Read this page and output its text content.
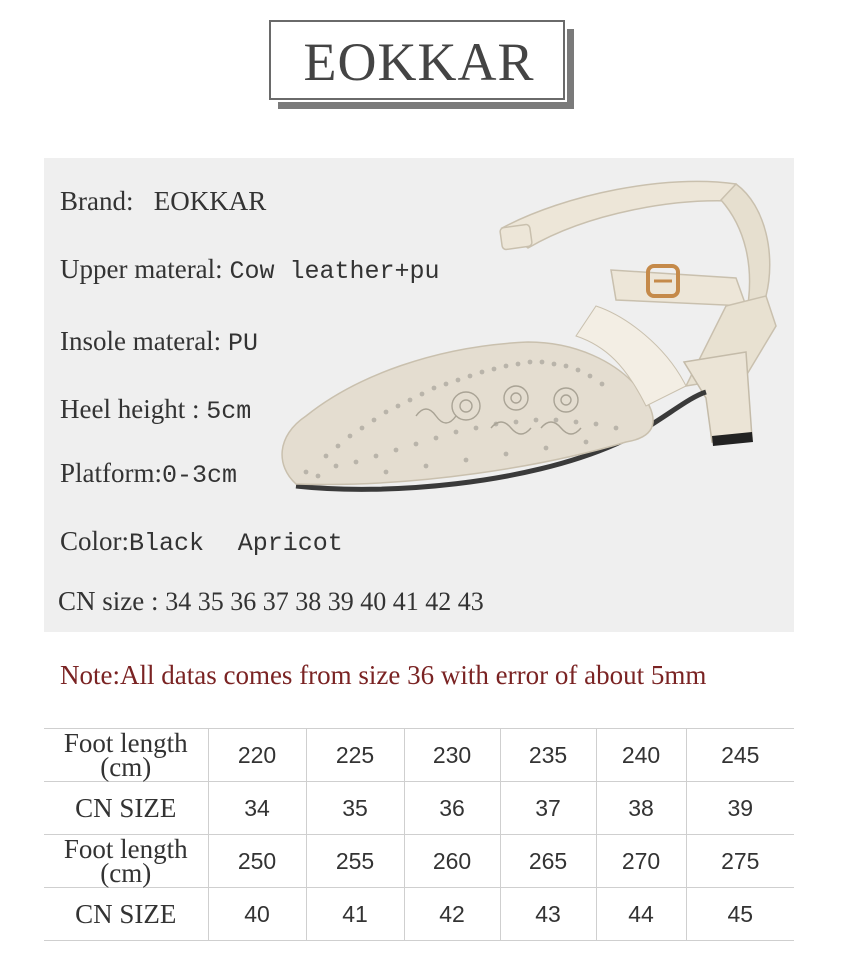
EOKKAR
Brand: EOKKAR
Upper materal: Cow leather+pu
Insole materal: PU
Heel height : 5cm
Platform:0-3cm
Color:Black Apricot
CN size : 34 35 36 37 38 39 40 41 42 43
Note:All datas comes from size 36 with error of about 5mm
Foot length
(cm)	220	225	230	235	240	245
CN SIZE	34	35	36	37	38	39
Foot length
(cm)	250	255	260	265	270	275
CN SIZE	40	41	42	43	44	45
